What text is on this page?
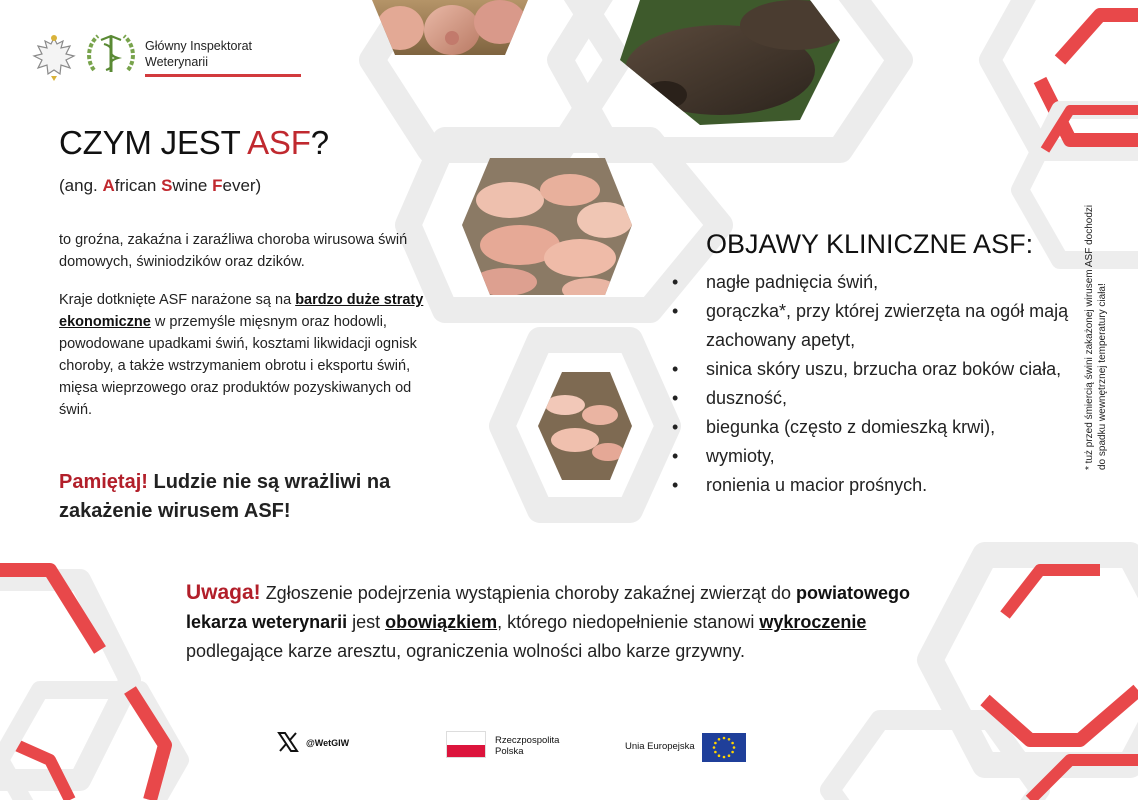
Główny Inspektorat
Weterynarii
CZYM JEST ASF?
(ang. African Swine Fever)
to groźna, zakaźna i zaraźliwa choroba wirusowa świń domowych, świniodzików oraz dzików.
Kraje dotknięte ASF narażone są na bardzo duże straty ekonomiczne w przemyśle mięsnym oraz hodowli, powodowane upadkami świń, kosztami likwidacji ognisk choroby, a także wstrzymaniem obrotu i eksportu świń, mięsa wieprzowego oraz produktów pozyskiwanych od świń.
Pamiętaj! Ludzie nie są wrażliwi na zakażenie wirusem ASF!
OBJAWY KLINICZNE ASF:
• nagłe padnięcia świń,
• gorączka*, przy której zwierzęta na ogół mają zachowany apetyt,
• sinica skóry uszu, brzucha oraz boków ciała,
• duszność,
• biegunka (często z domieszką krwi),
• wymioty,
• ronienia u macior prośnych.
* tuż przed śmiercią świni zakażonej wirusem ASF dochodzi do spadku wewnętrznej temperatury ciała!
Uwaga! Zgłoszenie podejrzenia wystąpienia choroby zakaźnej zwierząt do powiatowego lekarza weterynarii jest obowiązkiem, którego niedopełnienie stanowi wykroczenie podlegające karze aresztu, ograniczenia wolności albo karze grzywny.
@WetGIW	Rzeczpospolita
Polska	Unia Europejska
